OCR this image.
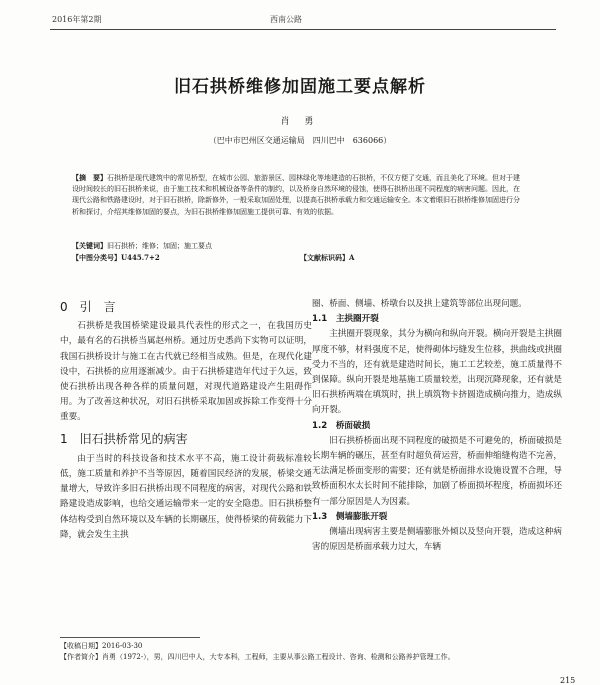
2016年第2期	西南公路
旧石拱桥维修加固施工要点解析
肖 勇
（巴中市巴州区交通运输局　四川巴中　636066）
【摘　要】石拱桥是现代建筑中的常见桥型，在城市公园、旅游景区、园林绿化等地建造的石拱桥，不仅方便了交通，而且美化了环境。但对于建设时间较长的旧石拱桥来说，由于施工技术和机械设备等条件的制约，以及桥身自然环境的侵蚀，使得石拱桥出现不同程度的病害问题。因此，在现代公路和铁路建设时，对于旧石拱桥，除新修外，一般采取加固处理，以提高石拱桥承载力和交通运输安全。本文着眼旧石拱桥维修加固进行分析和探讨，介绍其维修加固的要点，为旧石拱桥维修加固施工提供可靠、有效的依据。
【关键词】旧石拱桥；维修；加固；施工要点
【中图分类号】U445.7+2	【文献标识码】A
0　引　言

石拱桥是我国桥梁建设最具代表性的形式之一，在我国历史中，最有名的石拱桥当属赵州桥。通过历史悉尚下实物可以证明，我国石拱桥设计与施工在古代就已经相当成熟。但是，在现代化建设中，石拱桥的应用逐渐减少。由于石拱桥建造年代过于久远，致使石拱桥出现各种各样的质量问题，对现代道路建设产生阻碍作用。为了改善这种状况，对旧石拱桥采取加固或拆除工作变得十分重要。

1　旧石拱桥常见的病害

由于当时的科技设备和技术水平不高，施工设计荷载标准较低，施工质量和养护不当等原因，随着国民经济的发展，桥梁交通量增大，导致许多旧石拱桥出现不同程度的病害，对现代公路和铁路建设造成影响，也给交通运输带来一定的安全隐患。旧石拱桥整体结构受到自然环境以及车辆的长期碾压，使得桥梁的荷载能力下降，就会发生主拱

圈、桥面、侧墙、桥墩台以及拱上建筑等部位出现问题。

1.1　主拱圈开裂

主拱圈开裂现象，其分为横向和纵向开裂。横向开裂是主拱圈厚度不够，材料强度不足，使得砌体圬缝发生位移，拱曲线或拱圈受力不当的，还有就是建造时间长，施工工艺较差，施工质量得不到保障。纵向开裂是地基施工质量较差，出现沉降现象，还有就是旧石拱桥两端在填筑时，拱上填筑物卡挤圆造成横向推力，造成纵向开裂。

1.2　桥面破损

旧石拱桥桥面出现不同程度的破损是不可避免的，桥面破损是长期车辆的碾压，甚至有时超负荷运营，桥面伸缩缝构造不完善，无法满足桥面变形的需要；还有就是桥面排水设施设置不合理，导致桥面积水太长时间不能排除，加剧了桥面损坏程度，桥面损坏还有一部分原因是人为因素。

1.3　侧墙膨胀开裂

侧墙出现病害主要是侧墙膨胀外倾以及竖向开裂，造成这种病害的原因是桥面承载力过大，车辆

【收稿日期】2016-03-30
【作者简介】肖勇（1972-），男，四川巴中人，大专本科，工程师，主要从事公路工程设计、咨询、检测和公路养护管理工作。
215
